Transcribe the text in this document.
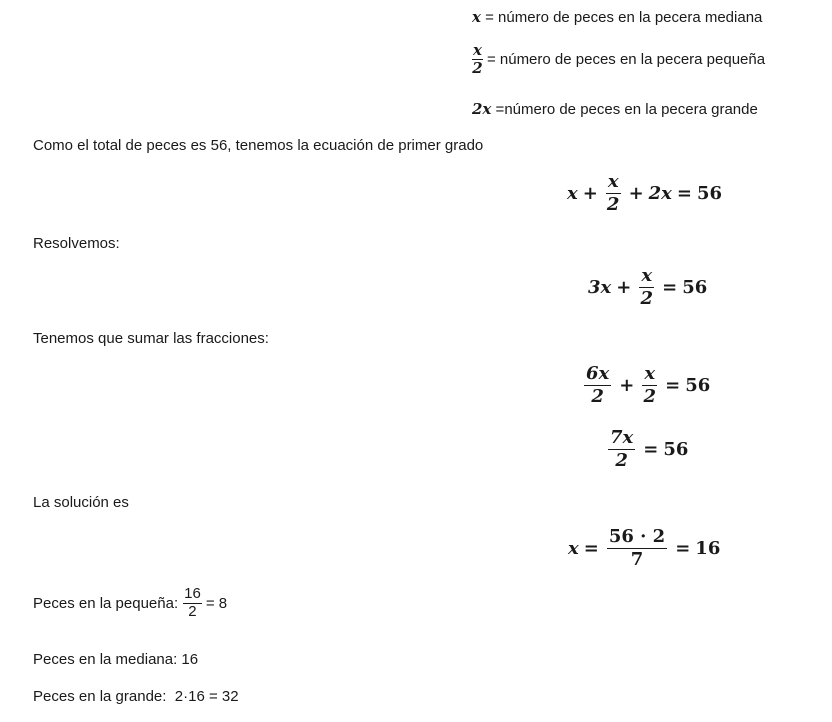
x = número de peces en la pecera mediana
$\frac{x}{2}$ = número de peces en la pecera pequeña
2x =número de peces en la pecera grande
Como el total de peces es 56, tenemos la ecuación de primer grado
$x + \frac{x}{2} + 2x = 56$
Resolvemos:
$3x + \frac{x}{2} = 56$
Tenemos que sumar las fracciones:
$\frac{6x}{2} + \frac{x}{2} = 56$
$\frac{7x}{2} = 56$
La solución es
$x = \frac{56 \cdot 2}{7} = 16$
Peces en la pequeña: $\frac{16}{2} = 8$
Peces en la mediana: 16
Peces en la grande:  2·16 = 32
